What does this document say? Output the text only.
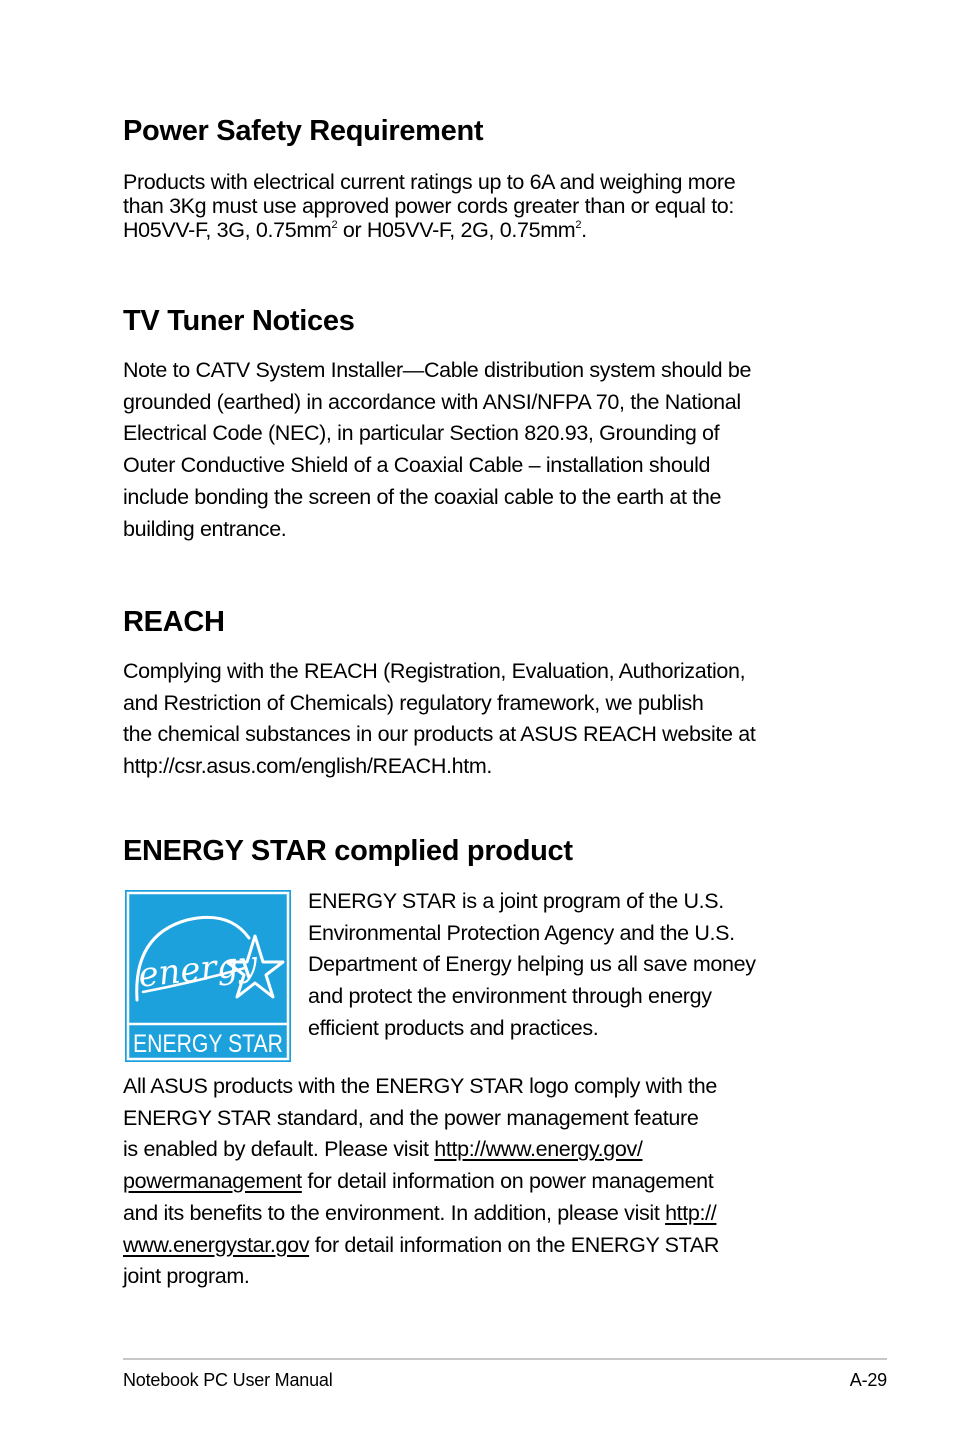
Power Safety Requirement
Products with electrical current ratings up to 6A and weighing more
than 3Kg must use approved power cords greater than or equal to:
H05VV-F, 3G, $0.75mm^2$ or H05VV-F, 2G, $0.75mm^2$.
TV Tuner Notices
Note to CATV System Installer—Cable distribution system should be
grounded (earthed) in accordance with ANSI/NFPA 70, the National
Electrical Code (NEC), in particular Section 820.93, Grounding of
Outer Conductive Shield of a Coaxial Cable – installation should
include bonding the screen of the coaxial cable to the earth at the
building entrance.
REACH
Complying with the REACH (Registration, Evaluation, Authorization,
and Restriction of Chemicals) regulatory framework, we publish
the chemical substances in our products at ASUS REACH website at
http://csr.asus.com/english/REACH.htm.
ENERGY STAR complied product
energy
ENERGY STAR
ENERGY STAR is a joint program of the U.S.
Environmental Protection Agency and the U.S.
Department of Energy helping us all save money
and protect the environment through energy
efficient products and practices.
All ASUS products with the ENERGY STAR logo comply with the
ENERGY STAR standard, and the power management feature
is enabled by default. Please visit http://www.energy.gov/
powermanagement for detail information on power management
and its benefits to the environment. In addition, please visit http://
www.energystar.gov for detail information on the ENERGY STAR
joint program.
Notebook PC User Manual	A-29
